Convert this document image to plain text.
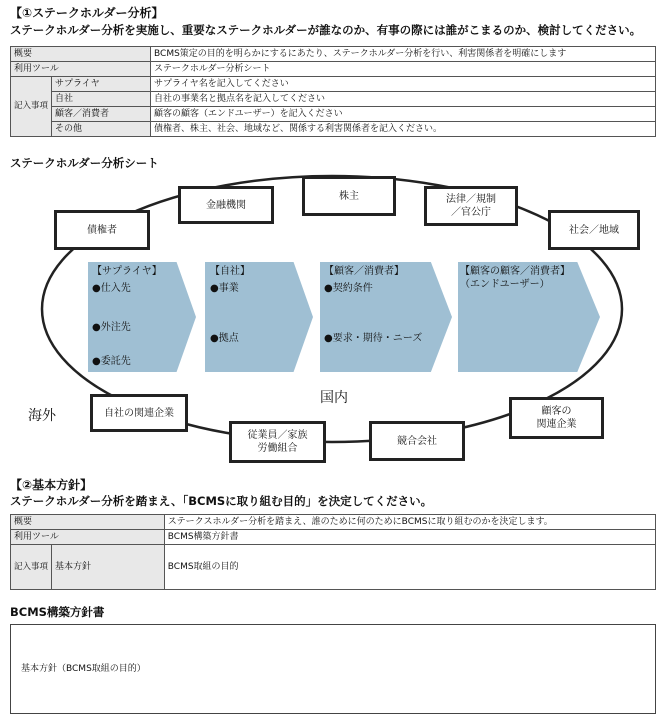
【①ステークホルダー分析】
ステークホルダー分析を実施し、重要なステークホルダーが誰なのか、有事の際には誰がこまるのか、検討してください。
概要		BCMS策定の目的を明らかにするにあたり、ステークホルダー分析を行い、利害関係者を明確にします
利用ツール		ステークホルダー分析シート
記入事項	サプライヤ	サプライヤ名を記入してください
	自社	自社の事業名と拠点名を記入してください
	顧客／消費者	顧客の顧客（エンドユーザー）を記入ください
	その他	債権者、株主、社会、地域など、関係する利害関係者を記入ください。
ステークホルダー分析シート
【サプライヤ】
●仕入先
●外注先
●委託先
【自社】
●事業
●拠点
【顧客／消費者】
●契約条件
●要求・期待・ニーズ
【顧客の顧客／消費者】
（エンドユーザー）
国内
海外
金融機関
株主	法律／規制
／官公庁
債権者	社会／地域
自社の関連企業
従業員／家族
労働組合
競合会社
顧客の
関連企業
【②基本方針】
ステークホルダー分析を踏まえ、「BCMSに取り組む目的」を決定してください。
概要		ステークスホルダー分析を踏まえ、誰のために何のためにBCMSに取り組むのかを決定します。
利用ツール		BCMS構築方針書
記入事項	基本方針	BCMS取組の目的
BCMS構築方針書
基本方針（BCMS取組の目的）
